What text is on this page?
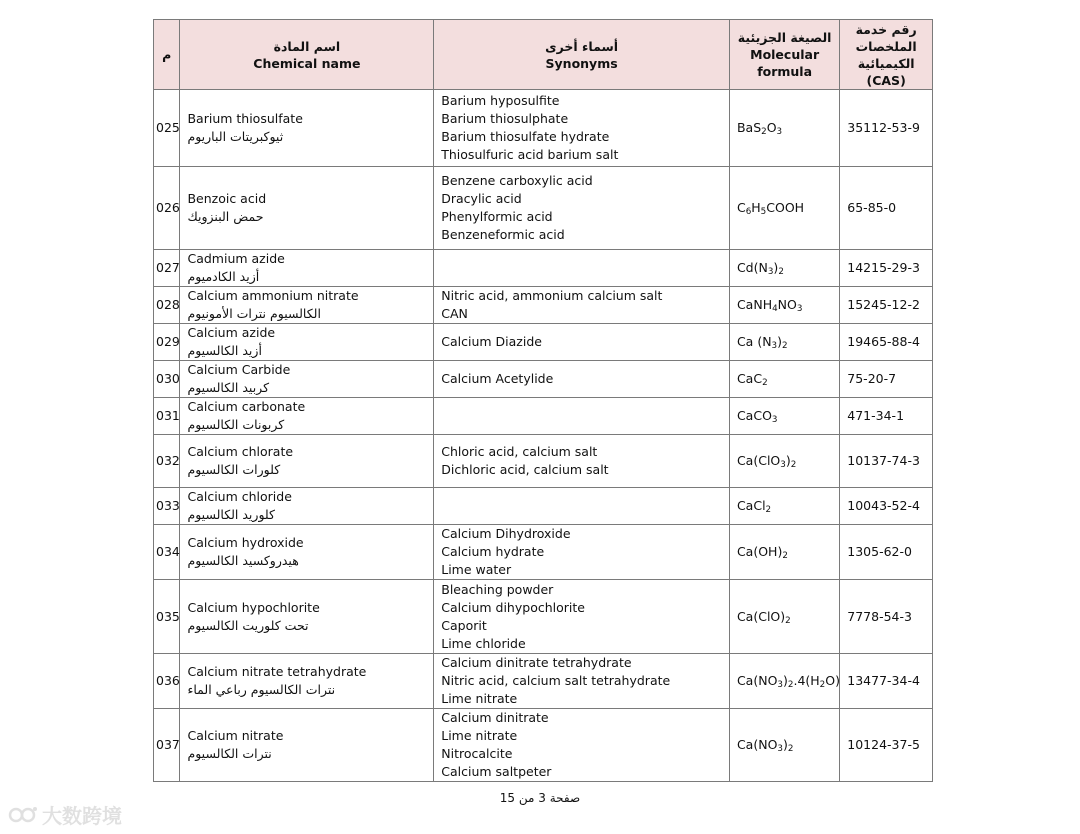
م	اسم المادة
Chemical name	أسماء أخرى
Synonyms	الصيغة الجزيئية
Molecular
formula	رقم خدمة
الملخصات
الكيميائية
(CAS)

025	Barium thiosulfate
ثيوكبريتات الباريوم	Barium hyposulfite
Barium thiosulphate
Barium thiosulfate hydrate
Thiosulfuric acid barium salt	$BaS_2O_3$	35112-53-9
026	Benzoic acid
حمض البنزويك	Benzene carboxylic acid
Dracylic acid
Phenylformic acid
Benzeneformic acid	$C_6H_5COOH$	65-85-0
027	Cadmium azide
أزيد الكادميوم		$Cd(N_3)_2$	14215-29-3
028	Calcium ammonium nitrate
الكالسيوم نترات الأمونيوم	Nitric acid, ammonium calcium salt
CAN	$CaNH_4NO_3$	15245-12-2
029	Calcium azide
أزيد الكالسيوم	Calcium Diazide	Ca $(N_3)_2$	19465-88-4
030	Calcium Carbide
كربيد الكالسيوم	Calcium Acetylide	CaC$_2$	75-20-7
031	Calcium carbonate
كربونات الكالسيوم		CaCO$_3$	471-34-1
032	Calcium chlorate
كلورات الكالسيوم	Chloric acid, calcium salt
Dichloric acid, calcium salt	$Ca(ClO_3)_2$	10137-74-3
033	Calcium chloride
كلوريد الكالسيوم		CaCl$_2$	10043-52-4
034	Calcium hydroxide
هيدروكسيد الكالسيوم	Calcium Dihydroxide
Calcium hydrate
Lime water	$Ca(OH)_2$	1305-62-0
035	Calcium hypochlorite
تحت كلوريت الكالسيوم	Bleaching powder
Calcium dihypochlorite
Caporit
Lime chloride	$Ca(ClO)_2$	7778-54-3
036	Calcium nitrate tetrahydrate
نترات الكالسيوم رباعي الماء	Calcium dinitrate tetrahydrate
Nitric acid, calcium salt tetrahydrate
Lime nitrate	$Ca(NO_3)_2.4(H_2O)$	13477-34-4
037	Calcium nitrate
نترات الكالسيوم	Calcium dinitrate
Lime nitrate
Nitrocalcite
Calcium saltpeter	$Ca(NO_3)_2$	10124-37-5
صفحة 3 من 15
大数跨境
